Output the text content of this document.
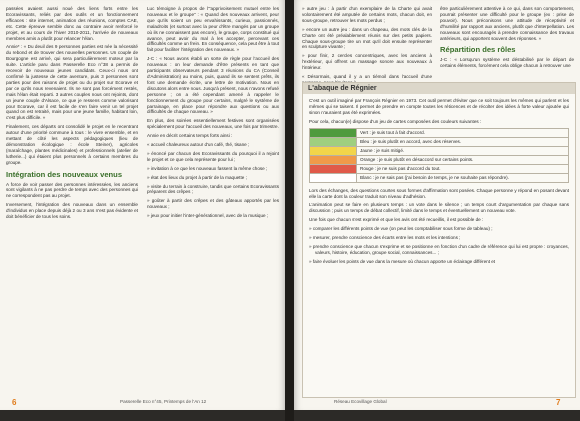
passées avaient aussi noué des liens forts entre les Ecoravissants, reliés par des outils et un fonctionnement efficaces : site internet, animation des réunions, comptes CAE, etc. Cette épreuve semble donc au contraire avoir renforcé le projet, et au cours de l'hiver 2010-2011, l'arrivée de nouveaux membres amis a plutôt pour relancer l'élan.

Annie* : « Du deuil des 9 personnes parties est née la nécessité du rebond et de trouver des nouvelles personnes. Un couple de Bourgogne est arrivé, qui sera particulièrement moteur par la suite. L'article paru dans Passerelle Eco n°38 a permis de recevoir de nouveaux jeunes candidats. Ceux-ci nous ont confirmé la justesse de cette aventure, puis 3 personnes sont parties pour des raisons de projet ou du projet sur Ecorave et par ce qu'ils nous revenaient. Ils ne sont pas forcément restés, mais l'élan était reparti. 3 autres couples nous ont rejoints, dont un jeune couple d'Alsace, ce que je ressens comme valorisant pour Ecorave, car il est facile de s'en faire venir un tel projet quand on est retraité, mais pour une jeune famille, habitant loin, c'est plus difficile. »

Finalement, ces départs ont consolidé le projet en le recentrant autour d'une priorité commune à tous : le vivre ensemble, et en mettant de côté les aspects pédagogiques (lieu de démonstration écologique : école Steiner), agricoles (maraîchage, plantes médicinales) et professionnels (atelier de lutherie...) qui étaient plus personnels à certains membres du groupe.

Intégration des nouveaux venus

A force de voir passer des personnes intéressées, les anciens sont vigilants à ne pas perdre de temps avec des personnes qui ne correspondent pas au projet.

Inversement, l'intégration des nouveaux dans un ensemble d'individus en place depuis déjà 2 ou 3 ans n'est pas évidente et doit bénéficier de tous les soins.

Luc témoigne à propos de l'"apprivoisement mutuel entre les nouveaux et le groupe" : « Quand des nouveaux arrivent, peur que qu'ils soient un peu envahissants, curieux, passionnés, maladroits (et surtout avec la peur d'être mangés par un groupe où ils ne connaissent pas encore), le groupe, corps constitué qui avance, peut avoir du mal à les accepter, percevant ces difficultés comme un frein. En conséquence, cela peut être à tout fait pour faciliter l'intégration des nouveaux. »

J-C : « Nous avons établi un sorte de règle pour l'accueil des nouveaux : on leur demande d'être présents en tant que participants observateurs pendant 3 réunions du CA (Conseil d'Administration) au moins, puis, quand ils se sentent prêts, ils font une demande écrite, une lettre de motivation. Nous en discutons alors entre nous. Jusqu'à présent, nous n'avons refusé personne ; on a été cependant amené à rappeler le fonctionnement du groupe pour certains, malgré le système de parrainage, en place pour répondre aux questions ou aux difficultés de chaque nouveau. »

En plus, des soirées essentiellement festives sont organisées spécialement pour l'accueil des nouveaux, une fois par trimestre.

Annie en décrit certains temps forts ainsi :

« accueil chaleureux autour d'un café, thé, tisane ;

» énoncé par chacun des Ecoravissants du pourquoi il a rejoint le projet et ce que cela représente pour lui ;

» invitation à ce que les nouveaux fassent la même chose ;

» état des lieux du projet à partir de la maquette ;

» visite du terrain à construire, tandis que certains Ecoravissants préparent des crêpes ;

» goûter à partir des crêpes et des gâteaux apportés par les nouveaux ;

» jeux pour initier l'inter-générationnel, avec de la musique ;

6	Passerelle Eco n°45, Printemps de l'An 12

» autre jeu : à partir d'un exemplaire de la Charte qui avait volontairement été amputée de certains mots, chacun doit, en sous-groupe, retrouver les mots perdus ;

» encore un autre jeu : dans un chapeau, des mots clés de la Charte ont été préalablement réunis sur des petits papiers. Chaque sous-groupe tire un mot qu'il doit ensuite représenter en sculpture vivante ;

» pour finir, 2 cercles concentriques, avec les anciens à l'extérieur, qui offrent un massage sonore aux nouveaux à l'intérieur.

« Désormais, quand il y a un tiémoil dans l'accueil d'une

être particulièrement attentive à ce qui, dans son comportement, pourrait présenter une difficulté pour le groupe (ex : prise de pouvoir). Nous préconisons une attitude de réceptivité et d'humilité par rapport aux anciens, plutôt que d'interpellation. Les nouveaux sont encouragés à prendre connaissance des travaux antérieurs, qui apportent souvent des réponses. »

Répartition des rôles

J-C : « Lorsqu'un système est déstabilisé par le départ de certains éléments, forcément cela oblige chacun à retrouver une

L'abaque de Régnier

C'est un outil imaginé par François Régnier en 1973. Cet outil permet d'éviter que ce soit toujours les mêmes qui parlent et les mêmes qui se taisent. Il permet de prendre en compte toutes les réticences et de récolter des idées à forte valeur ajoutée qui sinon n'auraient pas été exprimées.

Pour cela, chacun(e) dispose d'un jeu de cartes composées des couleurs suivantes :

	Vert : je suis tout à fait d'accord.
	Bleu : je suis plutôt en accord, avec des réserves.
	Jaune : je suis mitigé.
	Orange : je suis plutôt en désaccord sur certains points.
	Rouge : je ne suis pas d'accord du tout.
	Blanc : je ne sais pas (j'ai besoin de temps, je ne souhaite pas répondre).

Lors des échanges, des questions courtes sous formes d'affirmation sont posées. Chaque personne y répond en posant devant elle la carte dont la couleur traduit son niveau d'adhésion.

L'animation peut se faire en plusieurs temps : un vote dans le silence ; un temps court d'argumentation par chaque sans discussion ; puis un temps de débat collectif, limité dans le temps et éventuellement un nouveau vote.

Une fois que chacun s'est exprimé et que les avis ont été recueillis, il est possible de :

» comparer les différents points de vue (on peut les comptabiliser sous forme de tableau) ;

» mesurer, prendre conscience des écarts entre les mots et les intentions ;

» prendre conscience que chacun s'exprime et se positionne en fonction d'un cadre de référence qui lui est propre : croyances, valeurs, histoire, éducation, groupe social, connaissances... ;

» faire évoluer les points de vue dans la mesure où chacun apporte un éclairage différent et

Réseau Ecovillage Global	7
